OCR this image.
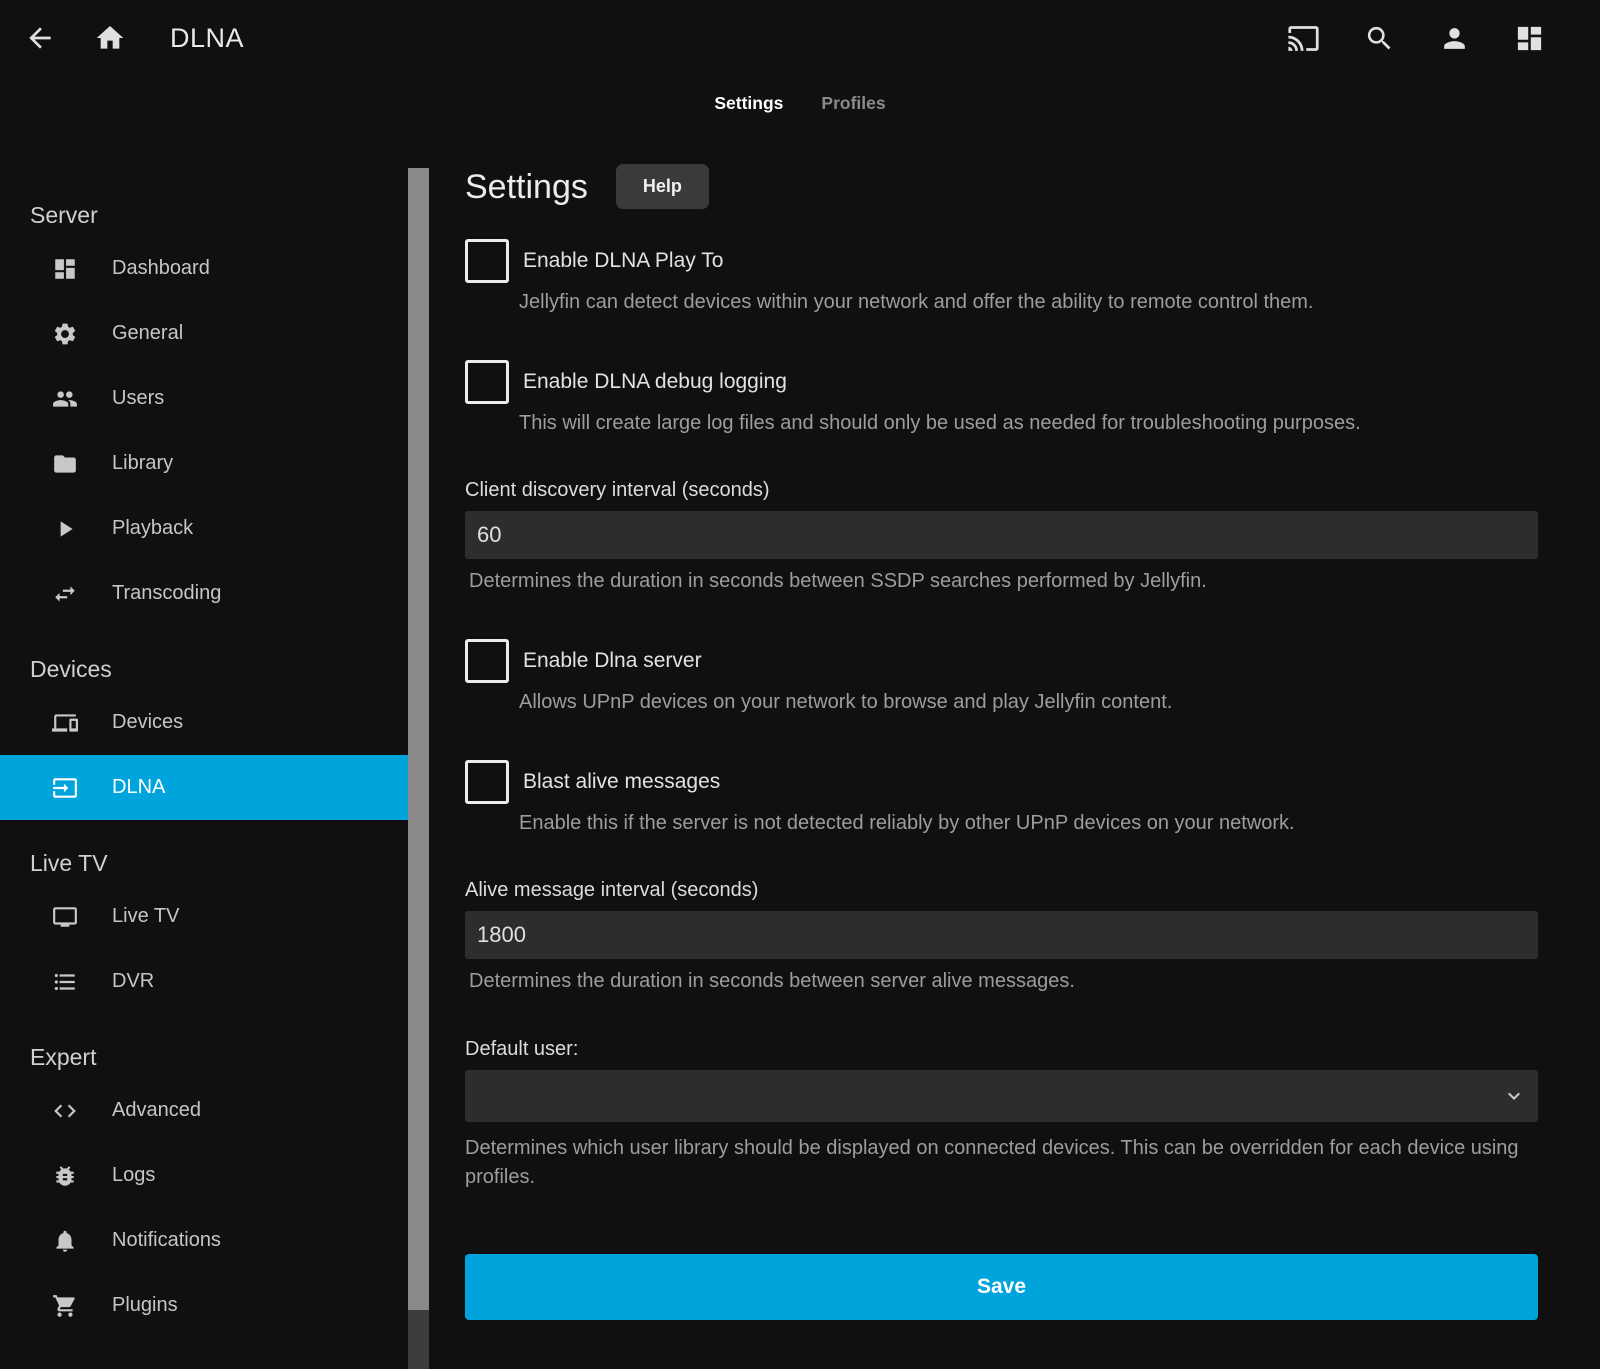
DLNA
Settings Profiles
Server
Dashboard
General
Users
Library
Playback
Transcoding
Devices
Devices
DLNA
Live TV
Live TV
DVR
Expert
Advanced
Logs
Notifications
Plugins
Settings	Help
Enable DLNA Play To
Jellyfin can detect devices within your network and offer the ability to remote control them.
Enable DLNA debug logging
This will create large log files and should only be used as needed for troubleshooting purposes.
Client discovery interval (seconds)
60
Determines the duration in seconds between SSDP searches performed by Jellyfin.
Enable Dlna server
Allows UPnP devices on your network to browse and play Jellyfin content.
Blast alive messages
Enable this if the server is not detected reliably by other UPnP devices on your network.
Alive message interval (seconds)
1800
Determines the duration in seconds between server alive messages.
Default user:
Determines which user library should be displayed on connected devices. This can be overridden for each device using profiles.
Save
